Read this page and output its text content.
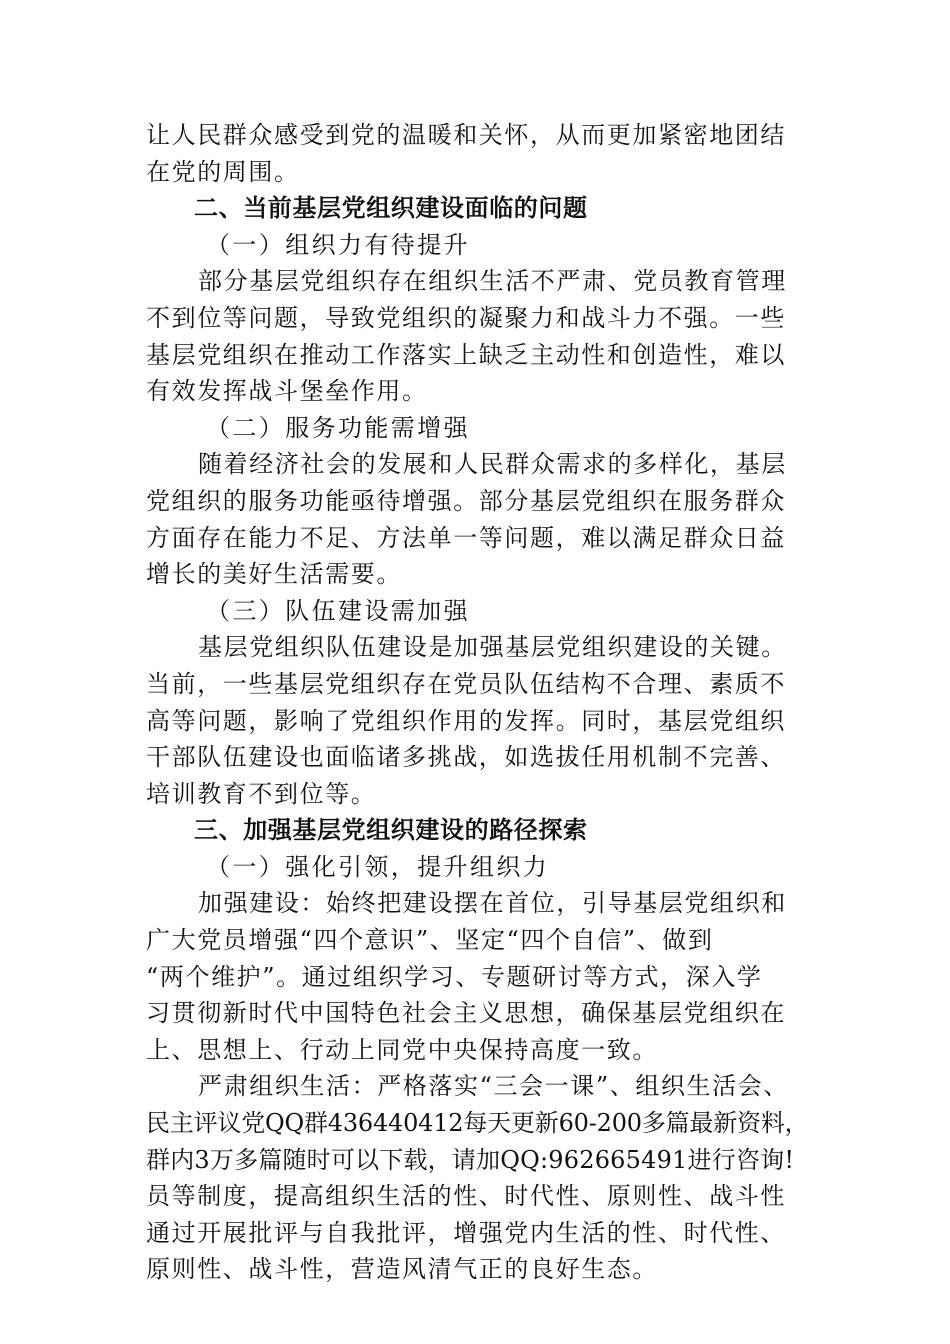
让人民群众感受到党的温暖和关怀，从而更加紧密地团结
在党的周围。
二、当前基层党组织建设面临的问题
（一）组织力有待提升
部分基层党组织存在组织生活不严肃、党员教育管理
不到位等问题，导致党组织的凝聚力和战斗力不强。一些
基层党组织在推动工作落实上缺乏主动性和创造性，难以
有效发挥战斗堡垒作用。
（二）服务功能需增强
随着经济社会的发展和人民群众需求的多样化，基层
党组织的服务功能亟待增强。部分基层党组织在服务群众
方面存在能力不足、方法单一等问题，难以满足群众日益
增长的美好生活需要。
（三）队伍建设需加强
基层党组织队伍建设是加强基层党组织建设的关键。
当前，一些基层党组织存在党员队伍结构不合理、素质不
高等问题，影响了党组织作用的发挥。同时，基层党组织
干部队伍建设也面临诸多挑战，如选拔任用机制不完善、
培训教育不到位等。
三、加强基层党组织建设的路径探索
（一）强化引领，提升组织力
加强建设：始终把建设摆在首位，引导基层党组织和
广大党员增强“四个意识”、坚定“四个自信”、做到
“两个维护”。通过组织学习、专题研讨等方式，深入学
习贯彻新时代中国特色社会主义思想，确保基层党组织在
上、思想上、行动上同党中央保持高度一致。
严肃组织生活：严格落实“三会一课”、组织生活会、
民主评议党QQ群436440412每天更新60-200多篇最新资料，
群内3万多篇随时可以下载，请加QQ:962665491进行咨询!
员等制度，提高组织生活的性、时代性、原则性、战斗性
通过开展批评与自我批评，增强党内生活的性、时代性、
原则性、战斗性，营造风清气正的良好生态。
